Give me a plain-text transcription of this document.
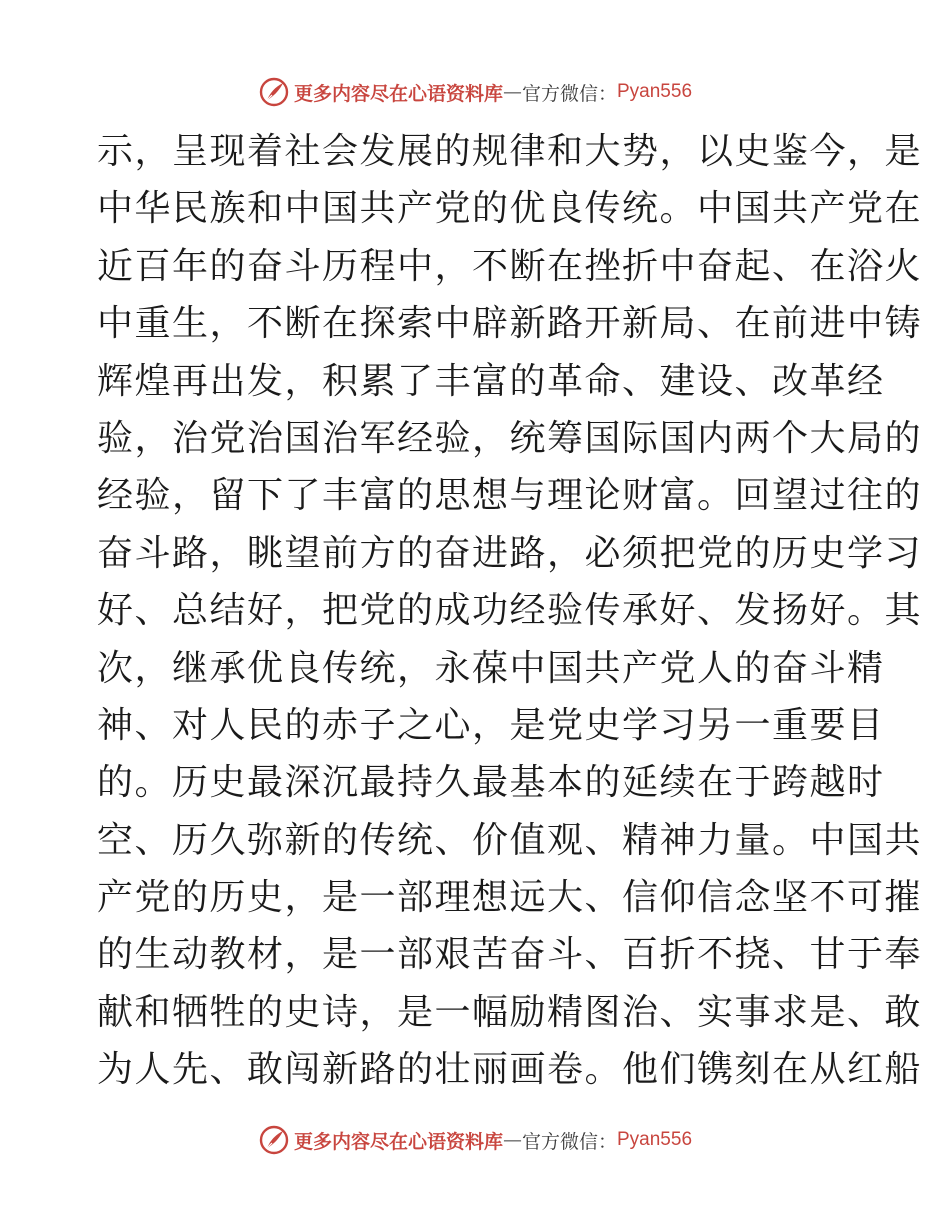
更多内容尽在心语资料库 — 官方微信： Pyan556
示，呈现着社会发展的规律和大势，以史鉴今，是
中华民族和中国共产党的优良传统。中国共产党在
近百年的奋斗历程中，不断在挫折中奋起、在浴火
中重生，不断在探索中辟新路开新局、在前进中铸
辉煌再出发，积累了丰富的革命、建设、改革经
验，治党治国治军经验，统筹国际国内两个大局的
经验，留下了丰富的思想与理论财富。回望过往的
奋斗路，眺望前方的奋进路，必须把党的历史学习
好、总结好，把党的成功经验传承好、发扬好。其
次，继承优良传统，永葆中国共产党人的奋斗精
神、对人民的赤子之心，是党史学习另一重要目
的。历史最深沉最持久最基本的延续在于跨越时
空、历久弥新的传统、价值观、精神力量。中国共
产党的历史，是一部理想远大、信仰信念坚不可摧
的生动教材，是一部艰苦奋斗、百折不挠、甘于奉
献和牺牲的史诗，是一幅励精图治、实事求是、敢
为人先、敢闯新路的壮丽画卷。他们镌刻在从红船
更多内容尽在心语资料库 — 官方微信： Pyan556
